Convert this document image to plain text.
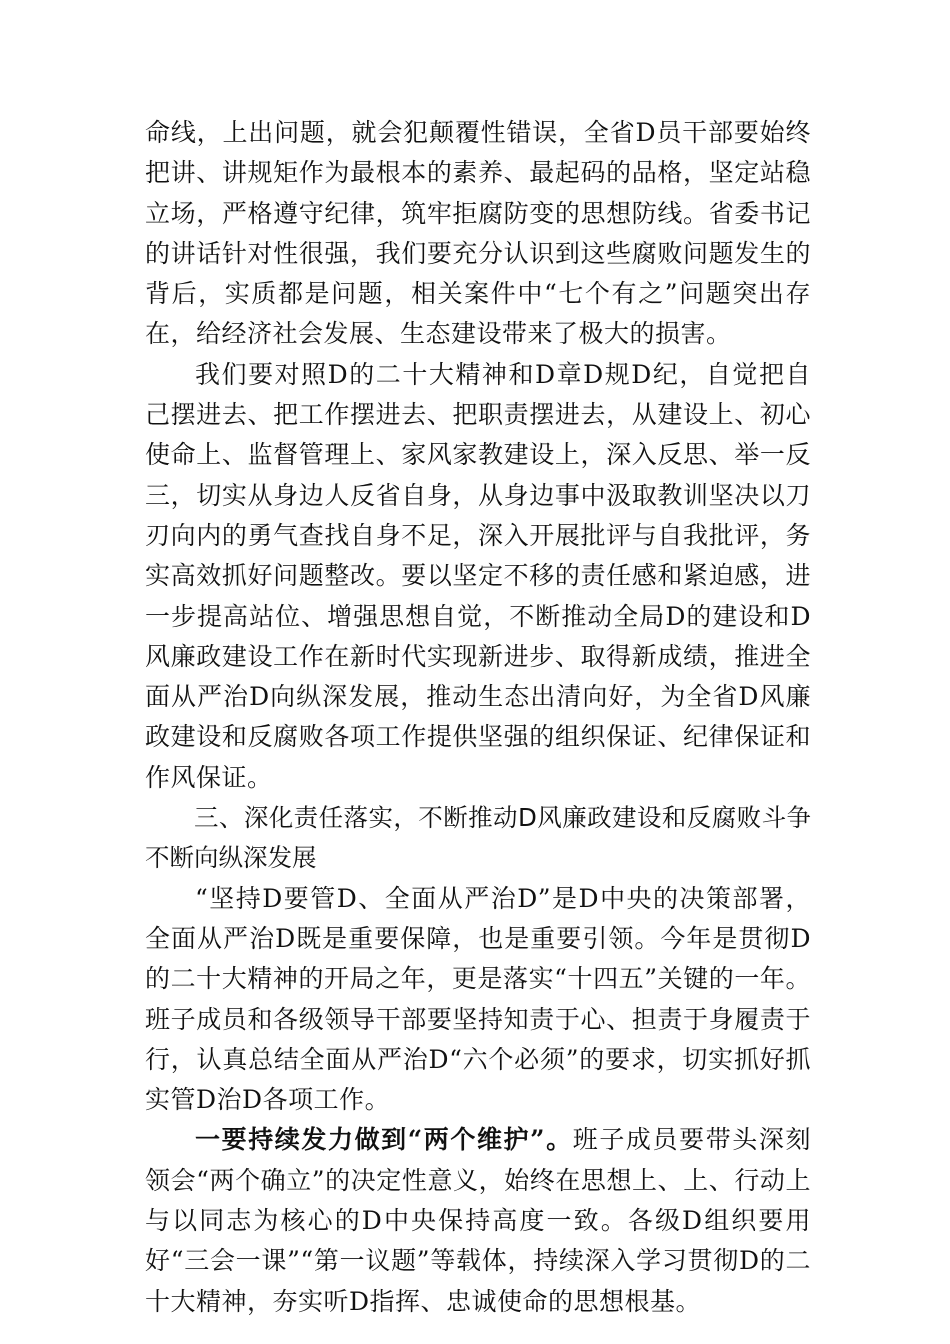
命线，上出问题，就会犯颠覆性错误，全省D员干部要始终把讲、讲规矩作为最根本的素养、最起码的品格，坚定站稳立场，严格遵守纪律，筑牢拒腐防变的思想防线。省委书记的讲话针对性很强，我们要充分认识到这些腐败问题发生的背后，实质都是问题，相关案件中“七个有之”问题突出存在，给经济社会发展、生态建设带来了极大的损害。

我们要对照D的二十大精神和D章D规D纪，自觉把自己摆进去、把工作摆进去、把职责摆进去，从建设上、初心使命上、监督管理上、家风家教建设上，深入反思、举一反三，切实从身边人反省自身，从身边事中汲取教训坚决以刀刃向内的勇气查找自身不足，深入开展批评与自我批评，务实高效抓好问题整改。要以坚定不移的责任感和紧迫感，进一步提高站位、增强思想自觉，不断推动全局D的建设和D风廉政建设工作在新时代实现新进步、取得新成绩，推进全面从严治D向纵深发展，推动生态出清向好，为全省D风廉政建设和反腐败各项工作提供坚强的组织保证、纪律保证和作风保证。

三、深化责任落实，不断推动D风廉政建设和反腐败斗争不断向纵深发展

“坚持D要管D、全面从严治D”是D中央的决策部署，全面从严治D既是重要保障，也是重要引领。今年是贯彻D的二十大精神的开局之年，更是落实“十四五”关键的一年。班子成员和各级领导干部要坚持知责于心、担责于身履责于行，认真总结全面从严治D“六个必须”的要求，切实抓好抓实管D治D各项工作。

一要持续发力做到“两个维护”。班子成员要带头深刻领会“两个确立”的决定性意义，始终在思想上、上、行动上与以同志为核心的D中央保持高度一致。各级D组织要用好“三会一课”“第一议题”等载体，持续深入学习贯彻D的二十大精神，夯实听D指挥、忠诚使命的思想根基。
